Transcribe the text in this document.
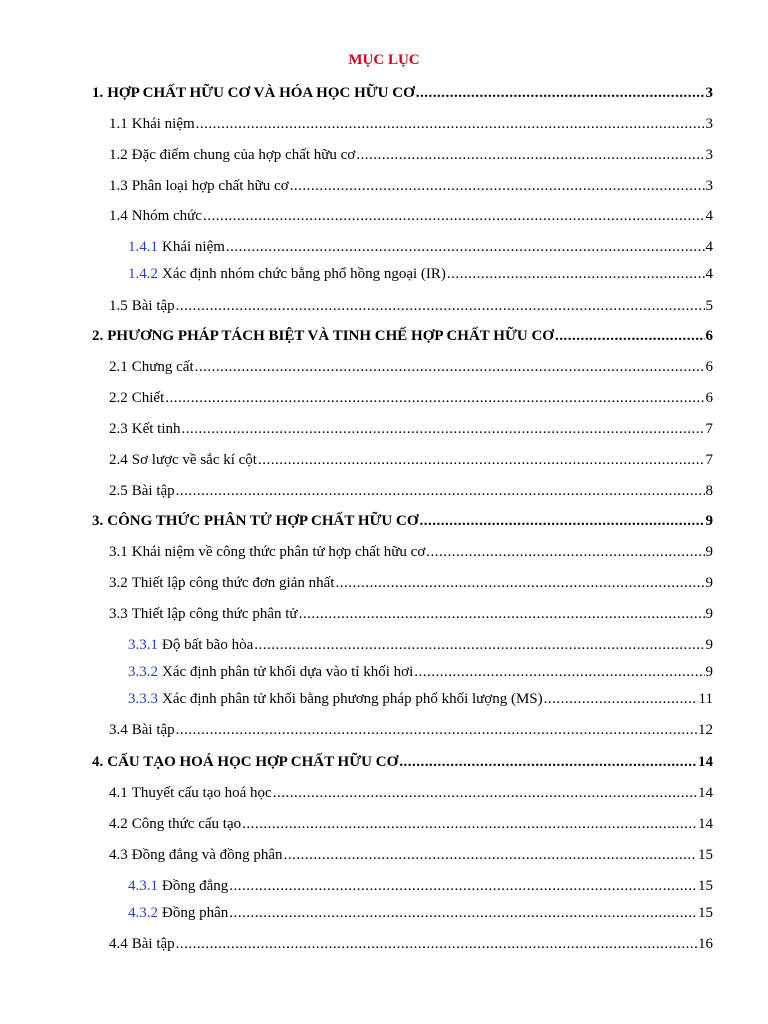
MỤC LỤC
1. HỢP CHẤT HỮU CƠ VÀ HÓA HỌC HỮU CƠ .....	3
1.1 Khái niệm .....	3
1.2 Đặc điểm chung của hợp chất hữu cơ .....	3
1.3 Phân loại hợp chất hữu cơ .....	3
1.4 Nhóm chức .....	4
1.4.1 Khái niệm .....	4
1.4.2 Xác định nhóm chức bằng phổ hồng ngoại (IR) .....	4
1.5 Bài tập .....	5
2. PHƯƠNG PHÁP TÁCH BIỆT VÀ TINH CHẾ HỢP CHẤT HỮU CƠ .....	6
2.1 Chưng cất .....	6
2.2 Chiết .....	6
2.3 Kết tinh .....	7
2.4 Sơ lược về sắc kí cột .....	7
2.5 Bài tập .....	8
3. CÔNG THỨC PHÂN TỬ HỢP CHẤT HỮU CƠ .....	9
3.1 Khái niệm về công thức phân tử hợp chất hữu cơ .....	9
3.2 Thiết lập công thức đơn giản nhất .....	9
3.3 Thiết lập công thức phân tử .....	9
3.3.1 Độ bất bão hòa .....	9
3.3.2 Xác định phân tử khối dựa vào tỉ khối hơi .....	9
3.3.3 Xác định phân tử khối bằng phương pháp phổ khối lượng (MS) .....	11
3.4 Bài tập .....	12
4. CẤU TẠO HOÁ HỌC HỢP CHẤT HỮU CƠ .....	14
4.1 Thuyết cấu tạo hoá học .....	14
4.2 Công thức cấu tạo .....	14
4.3 Đồng đẳng và đồng phân .....	15
4.3.1 Đồng đẳng .....	15
4.3.2 Đồng phân .....	15
4.4 Bài tập .....	16
